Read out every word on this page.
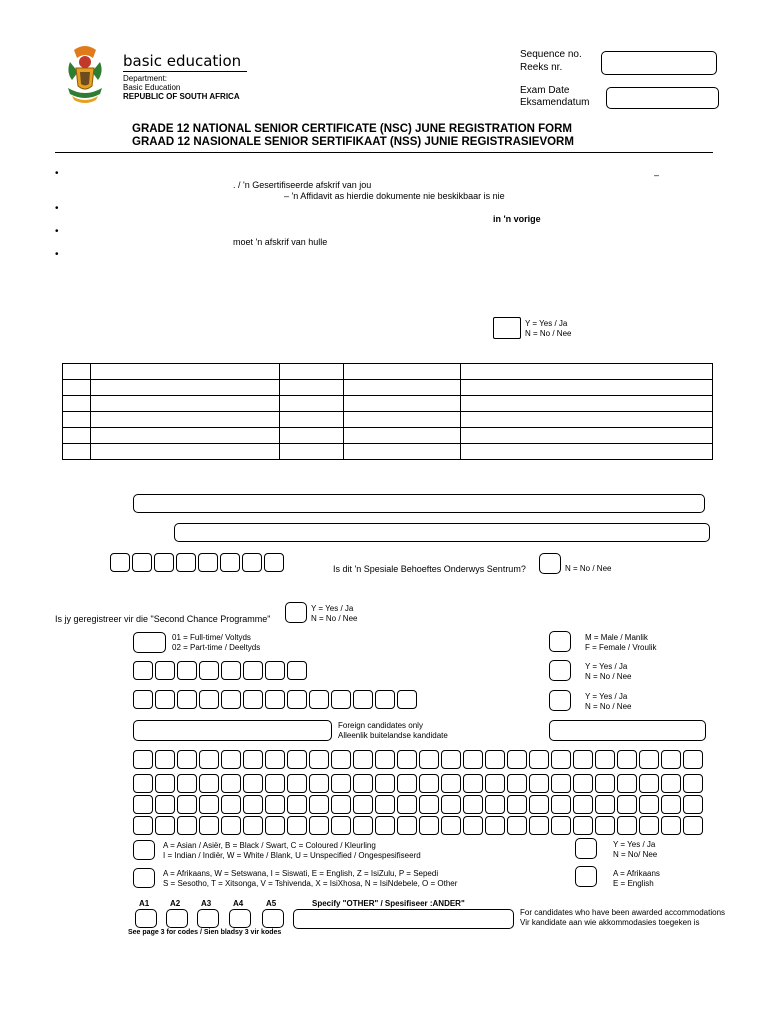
basic education
Department:
Basic Education
REPUBLIC OF SOUTH AFRICA
Sequence no.
Reeks nr.
Exam Date
Eksamendatum
GRADE 12 NATIONAL SENIOR CERTIFICATE (NSC) JUNE REGISTRATION FORM
GRAAD 12 NASIONALE SENIOR SERTIFIKAAT (NSS) JUNIE REGISTRASIEVORM
•	–
. / 'n Gesertifiseerde afskrif van jou
– 'n Affidavit as hierdie dokumente nie beskikbaar is nie
•
in 'n vorige
•
moet 'n afskrif van hulle
•
Y = Yes / Ja
N = No / Nee

Is dit 'n Spesiale Behoeftes Onderwys Sentrum?	N = No / Nee
Is jy geregistreer vir die "Second Chance Programme"
Y = Yes / Ja
N = No / Nee
01 = Full-time/ Voltyds
02 = Part-time / Deeltyds
M = Male / Manlik
F = Female / Vroulik
Y = Yes / Ja
N = No / Nee
Y = Yes / Ja
N = No / Nee
Foreign candidates only
Alleenlik buitelandse kandidate
A = Asian / Asiër, B = Black / Swart, C = Coloured / Kleurling
I = Indian / Indiër, W = White / Blank, U = Unspecified / Ongespesifiseerd
Y = Yes / Ja
N = No/ Nee
A = Afrikaans, W = Setswana, I = Siswati, E = English, Z = IsiZulu, P = Sepedi
S = Sesotho, T = Xitsonga, V = Tshivenda, X = IsiXhosa, N = IsiNdebele, O = Other
A = Afrikaans
E = English
A1	A2	A3	A4	A5	Specify "OTHER" / Spesifiseer :ANDER"
For candidates who have been awarded accommodations
Vir kandidate aan wie akkommodasies toegeken is
See page 3 for codes / Sien bladsy 3 vir kodes
